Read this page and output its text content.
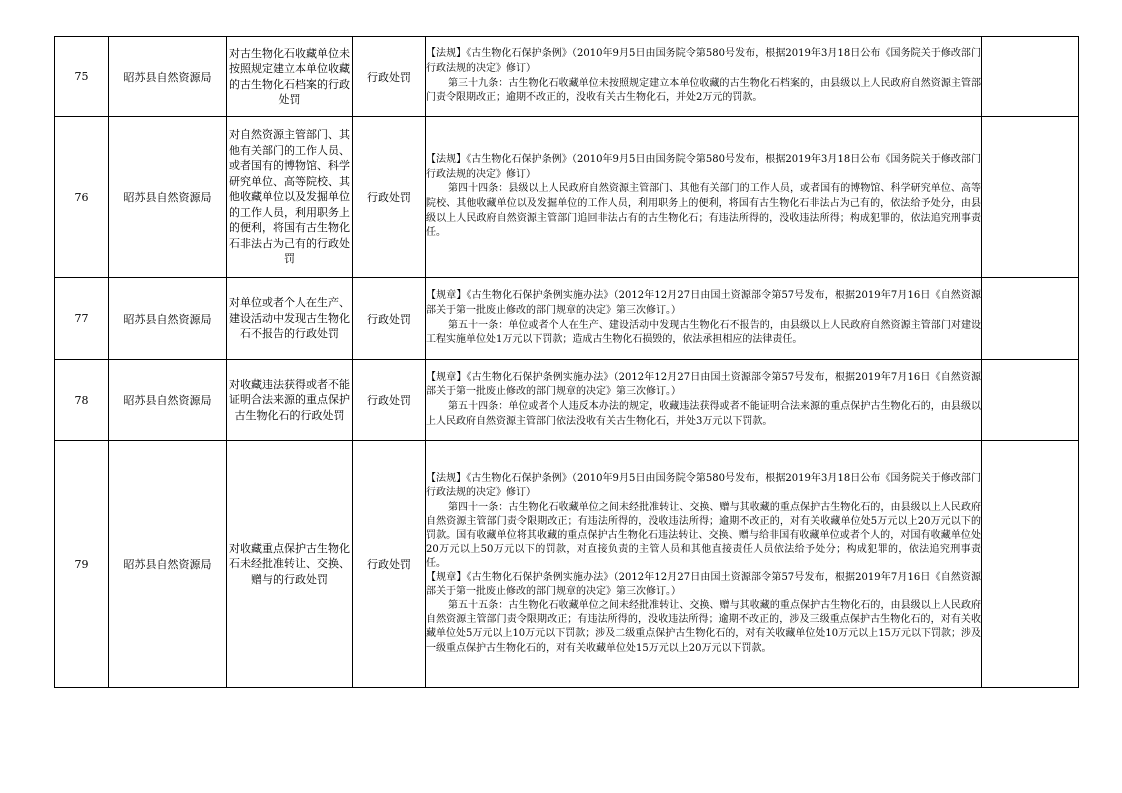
75	昭苏县自然资源局	对古生物化石收藏单位未按照规定建立本单位收藏的古生物化石档案的行政处罚	行政处罚	【法规】《古生物化石保护条例》（2010年9月5日由国务院令第580号发布，根据2019年3月18日公布《国务院关于修改部门行政法规的决定》修订）
第三十九条：古生物化石收藏单位未按照规定建立本单位收藏的古生物化石档案的，由县级以上人民政府自然资源主管部门责令限期改正；逾期不改正的，没收有关古生物化石，并处2万元的罚款。	

76	昭苏县自然资源局	对自然资源主管部门、其他有关部门的工作人员、或者国有的博物馆、科学研究单位、高等院校、其他收藏单位以及发掘单位的工作人员，利用职务上的便利，将国有古生物化石非法占为己有的行政处罚	行政处罚	【法规】《古生物化石保护条例》（2010年9月5日由国务院令第580号发布，根据2019年3月18日公布《国务院关于修改部门行政法规的决定》修订）
第四十四条：县级以上人民政府自然资源主管部门、其他有关部门的工作人员，或者国有的博物馆、科学研究单位、高等院校、其他收藏单位以及发掘单位的工作人员，利用职务上的便利，将国有古生物化石非法占为己有的，依法给予处分，由县级以上人民政府自然资源主管部门追回非法占有的古生物化石；有违法所得的，没收违法所得；构成犯罪的，依法追究刑事责任。	

77	昭苏县自然资源局	对单位或者个人在生产、建设活动中发现古生物化石不报告的行政处罚	行政处罚	【规章】《古生物化石保护条例实施办法》（2012年12月27日由国土资源部令第57号发布，根据2019年7月16日《自然资源部关于第一批废止修改的部门规章的决定》第三次修订。）
第五十一条：单位或者个人在生产、建设活动中发现古生物化石不报告的，由县级以上人民政府自然资源主管部门对建设工程实施单位处1万元以下罚款；造成古生物化石损毁的，依法承担相应的法律责任。	

78	昭苏县自然资源局	对收藏违法获得或者不能证明合法来源的重点保护古生物化石的行政处罚	行政处罚	【规章】《古生物化石保护条例实施办法》（2012年12月27日由国土资源部令第57号发布，根据2019年7月16日《自然资源部关于第一批废止修改的部门规章的决定》第三次修订。）
第五十四条：单位或者个人违反本办法的规定，收藏违法获得或者不能证明合法来源的重点保护古生物化石的，由县级以上人民政府自然资源主管部门依法没收有关古生物化石，并处3万元以下罚款。	

79	昭苏县自然资源局	对收藏重点保护古生物化石未经批准转让、交换、赠与的行政处罚	行政处罚	【法规】《古生物化石保护条例》（2010年9月5日由国务院令第580号发布，根据2019年3月18日公布《国务院关于修改部门行政法规的决定》修订）
第四十一条：古生物化石收藏单位之间未经批准转让、交换、赠与其收藏的重点保护古生物化石的，由县级以上人民政府自然资源主管部门责令限期改正；有违法所得的，没收违法所得；逾期不改正的，对有关收藏单位处5万元以上20万元以下的罚款。国有收藏单位将其收藏的重点保护古生物化石违法转让、交换、赠与给非国有收藏单位或者个人的，对国有收藏单位处20万元以上50万元以下的罚款，对直接负责的主管人员和其他直接责任人员依法给予处分；构成犯罪的，依法追究刑事责任。
【规章】《古生物化石保护条例实施办法》（2012年12月27日由国土资源部令第57号发布，根据2019年7月16日《自然资源部关于第一批废止修改的部门规章的决定》第三次修订。）
第五十五条：古生物化石收藏单位之间未经批准转让、交换、赠与其收藏的重点保护古生物化石的，由县级以上人民政府自然资源主管部门责令限期改正；有违法所得的，没收违法所得；逾期不改正的，涉及三级重点保护古生物化石的，对有关收藏单位处5万元以上10万元以下罚款；涉及二级重点保护古生物化石的，对有关收藏单位处10万元以上15万元以下罚款；涉及一级重点保护古生物化石的，对有关收藏单位处15万元以上20万元以下罚款。	
